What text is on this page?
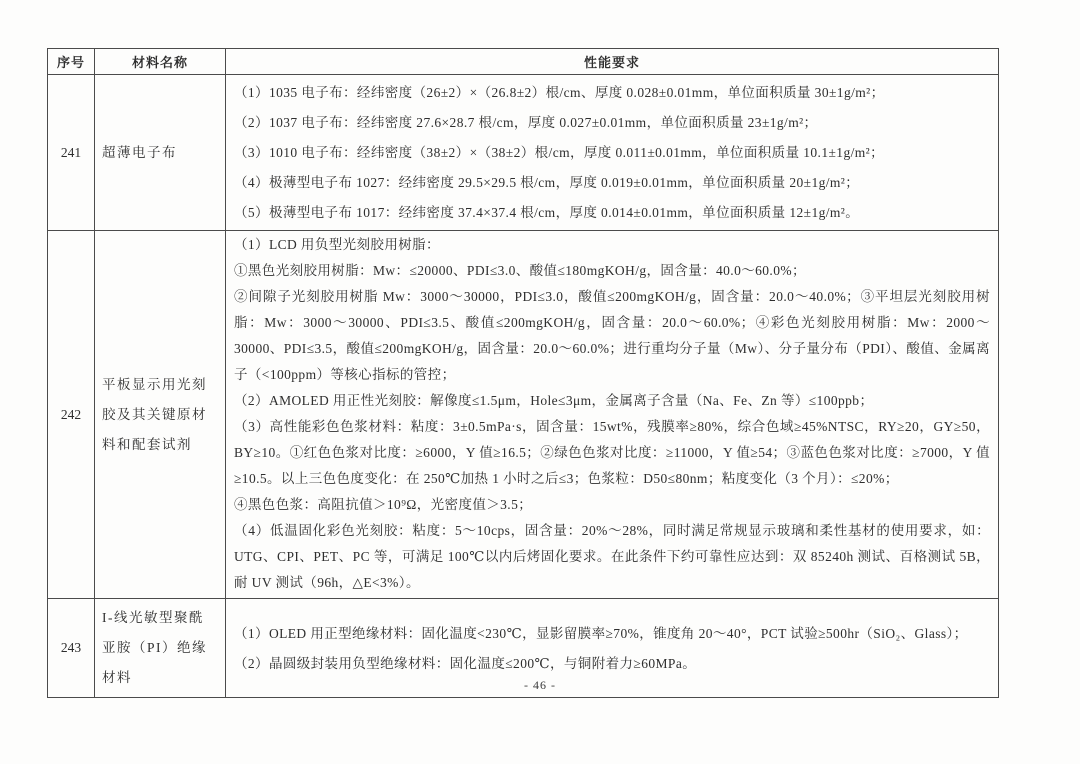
序号	材料名称	性能要求
241	超薄电子布	（1）1035 电子布：经纬密度（26±2）×（26.8±2）根/cm、厚度 0.028±0.01mm，单位面积质量 30±1g/m²；

（2）1037 电子布：经纬密度 27.6×28.7 根/cm，厚度 0.027±0.01mm，单位面积质量 23±1g/m²；

（3）1010 电子布：经纬密度（38±2）×（38±2）根/cm，厚度 0.011±0.01mm，单位面积质量 10.1±1g/m²；

（4）极薄型电子布 1027：经纬密度 29.5×29.5 根/cm，厚度 0.019±0.01mm，单位面积质量 20±1g/m²；

（5）极薄型电子布 1017：经纬密度 37.4×37.4 根/cm，厚度 0.014±0.01mm，单位面积质量 12±1g/m²。

242	平板显示用光刻胶及其关键原材料和配套试剂	

（1）LCD 用负型光刻胶用树脂：

①黑色光刻胶用树脂：Mw：≤20000、PDI≤3.0、酸值≤180mgKOH/g，固含量：40.0～60.0%；

②间隙子光刻胶用树脂 Mw：3000～30000，PDI≤3.0，酸值≤200mgKOH/g，固含量：20.0～40.0%；③平坦层光刻胶用树脂：Mw：3000～30000、PDI≤3.5、酸值≤200mgKOH/g，固含量：20.0～60.0%；④彩色光刻胶用树脂：Mw：2000～30000、PDI≤3.5，酸值≤200mgKOH/g，固含量：20.0～60.0%；进行重均分子量（Mw）、分子量分布（PDI）、酸值、金属离子（<100ppm）等核心指标的管控；

（2）AMOLED 用正性光刻胶：解像度≤1.5μm，Hole≤3μm，金属离子含量（Na、Fe、Zn 等）≤100ppb；

（3）高性能彩色色浆材料：粘度：3±0.5mPa·s，固含量：15wt%，残膜率≥80%，综合色域≥45%NTSC，RY≥20，GY≥50，BY≥10。①红色色浆对比度：≥6000，Y 值≥16.5；②绿色色浆对比度：≥11000，Y 值≥54；③蓝色色浆对比度：≥7000，Y 值≥10.5。以上三色色度变化：在 250℃加热 1 小时之后≤3；色浆粒：D50≤80nm；粘度变化（3 个月）：≤20%；

④黑色色浆：高阻抗值＞10⁹Ω，光密度值＞3.5；

（4）低温固化彩色光刻胶：粘度：5～10cps，固含量：20%～28%，同时满足常规显示玻璃和柔性基材的使用要求，如：UTG、CPI、PET、PC 等，可满足 100℃以内后烤固化要求。在此条件下约可靠性应达到：双 85240h 测试、百格测试 5B，耐 UV 测试（96h，△E<3%）。

243	I-线光敏型聚酰亚胺（PI）绝缘材料	（1）OLED 用正型绝缘材料：固化温度<230℃，显影留膜率≥70%，锥度角 20～40°，PCT 试验≥500hr（SiO₂、Glass）；

（2）晶圆级封装用负型绝缘材料：固化温度≤200℃，与铜附着力≥60MPa。

- 46 -
